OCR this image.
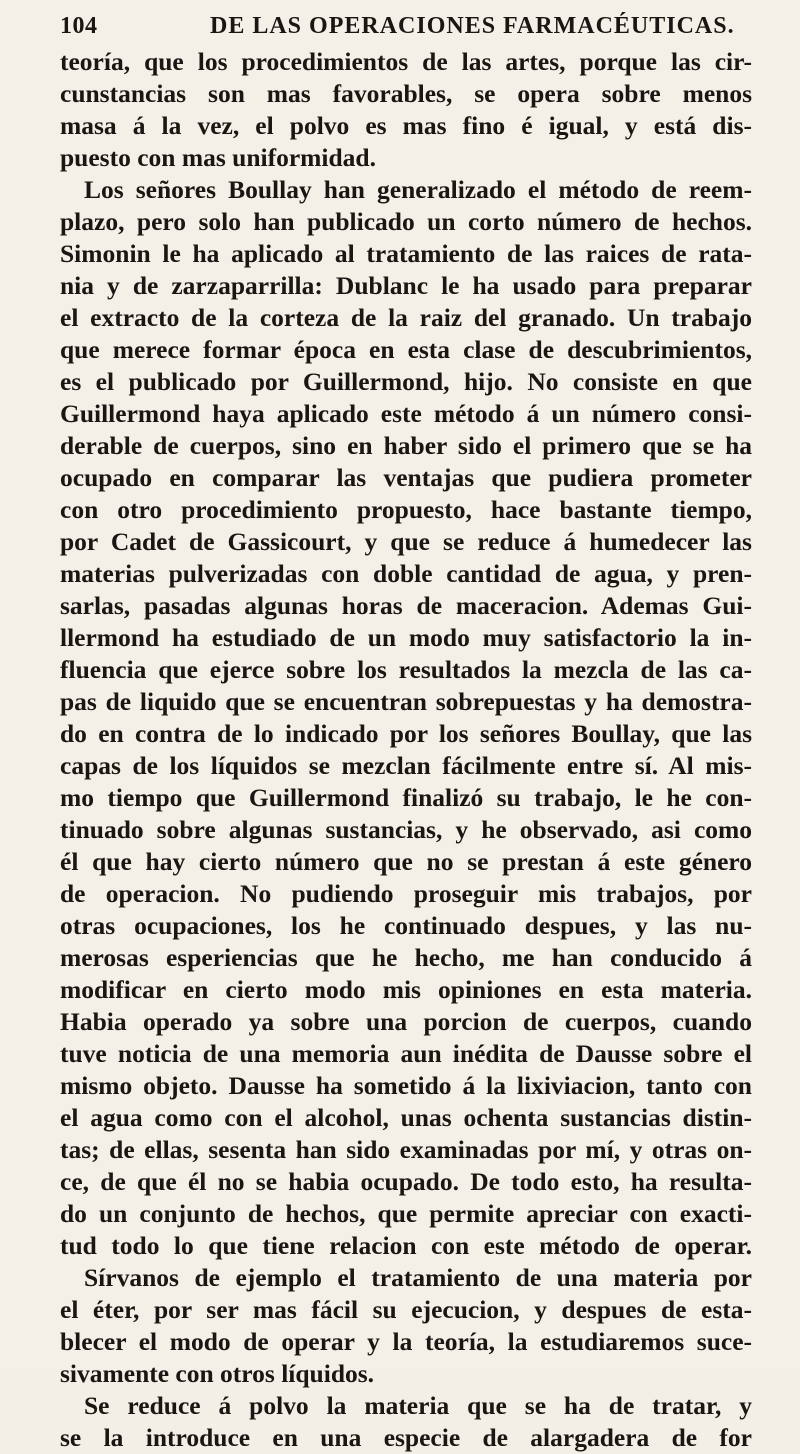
104	DE LAS OPERACIONES FARMACÉUTICAS.
teoría, que los procedimientos de las artes, porque las cir-
cunstancias son mas favorables, se opera sobre menos
masa á la vez, el polvo es mas fino é igual, y está dis-
puesto con mas uniformidad.
Los señores Boullay han generalizado el método de reem-
plazo, pero solo han publicado un corto número de hechos.
Simonin le ha aplicado al tratamiento de las raices de rata-
nia y de zarzaparrilla: Dublanc le ha usado para preparar
el extracto de la corteza de la raiz del granado. Un trabajo
que merece formar época en esta clase de descubrimientos,
es el publicado por Guillermond, hijo. No consiste en que
Guillermond haya aplicado este método á un número consi-
derable de cuerpos, sino en haber sido el primero que se ha
ocupado en comparar las ventajas que pudiera prometer
con otro procedimiento propuesto, hace bastante tiempo,
por Cadet de Gassicourt, y que se reduce á humedecer las
materias pulverizadas con doble cantidad de agua, y pren-
sarlas, pasadas algunas horas de maceracion. Ademas Gui-
llermond ha estudiado de un modo muy satisfactorio la in-
fluencia que ejerce sobre los resultados la mezcla de las ca-
pas de liquido que se encuentran sobrepuestas y ha demostra-
do en contra de lo indicado por los señores Boullay, que las
capas de los líquidos se mezclan fácilmente entre sí. Al mis-
mo tiempo que Guillermond finalizó su trabajo, le he con-
tinuado sobre algunas sustancias, y he observado, asi como
él que hay cierto número que no se prestan á este género
de operacion. No pudiendo proseguir mis trabajos, por
otras ocupaciones, los he continuado despues, y las nu-
merosas esperiencias que he hecho, me han conducido á
modificar en cierto modo mis opiniones en esta materia.
Habia operado ya sobre una porcion de cuerpos, cuando
tuve noticia de una memoria aun inédita de Dausse sobre el
mismo objeto. Dausse ha sometido á la lixiviacion, tanto con
el agua como con el alcohol, unas ochenta sustancias distin-
tas; de ellas, sesenta han sido examinadas por mí, y otras on-
ce, de que él no se habia ocupado. De todo esto, ha resulta-
do un conjunto de hechos, que permite apreciar con exacti-
tud todo lo que tiene relacion con este método de operar.
Sírvanos de ejemplo el tratamiento de una materia por
el éter, por ser mas fácil su ejecucion, y despues de esta-
blecer el modo de operar y la teoría, la estudiaremos suce-
sivamente con otros líquidos.
Se reduce á polvo la materia que se ha de tratar, y
se la introduce en una especie de alargadera de for
